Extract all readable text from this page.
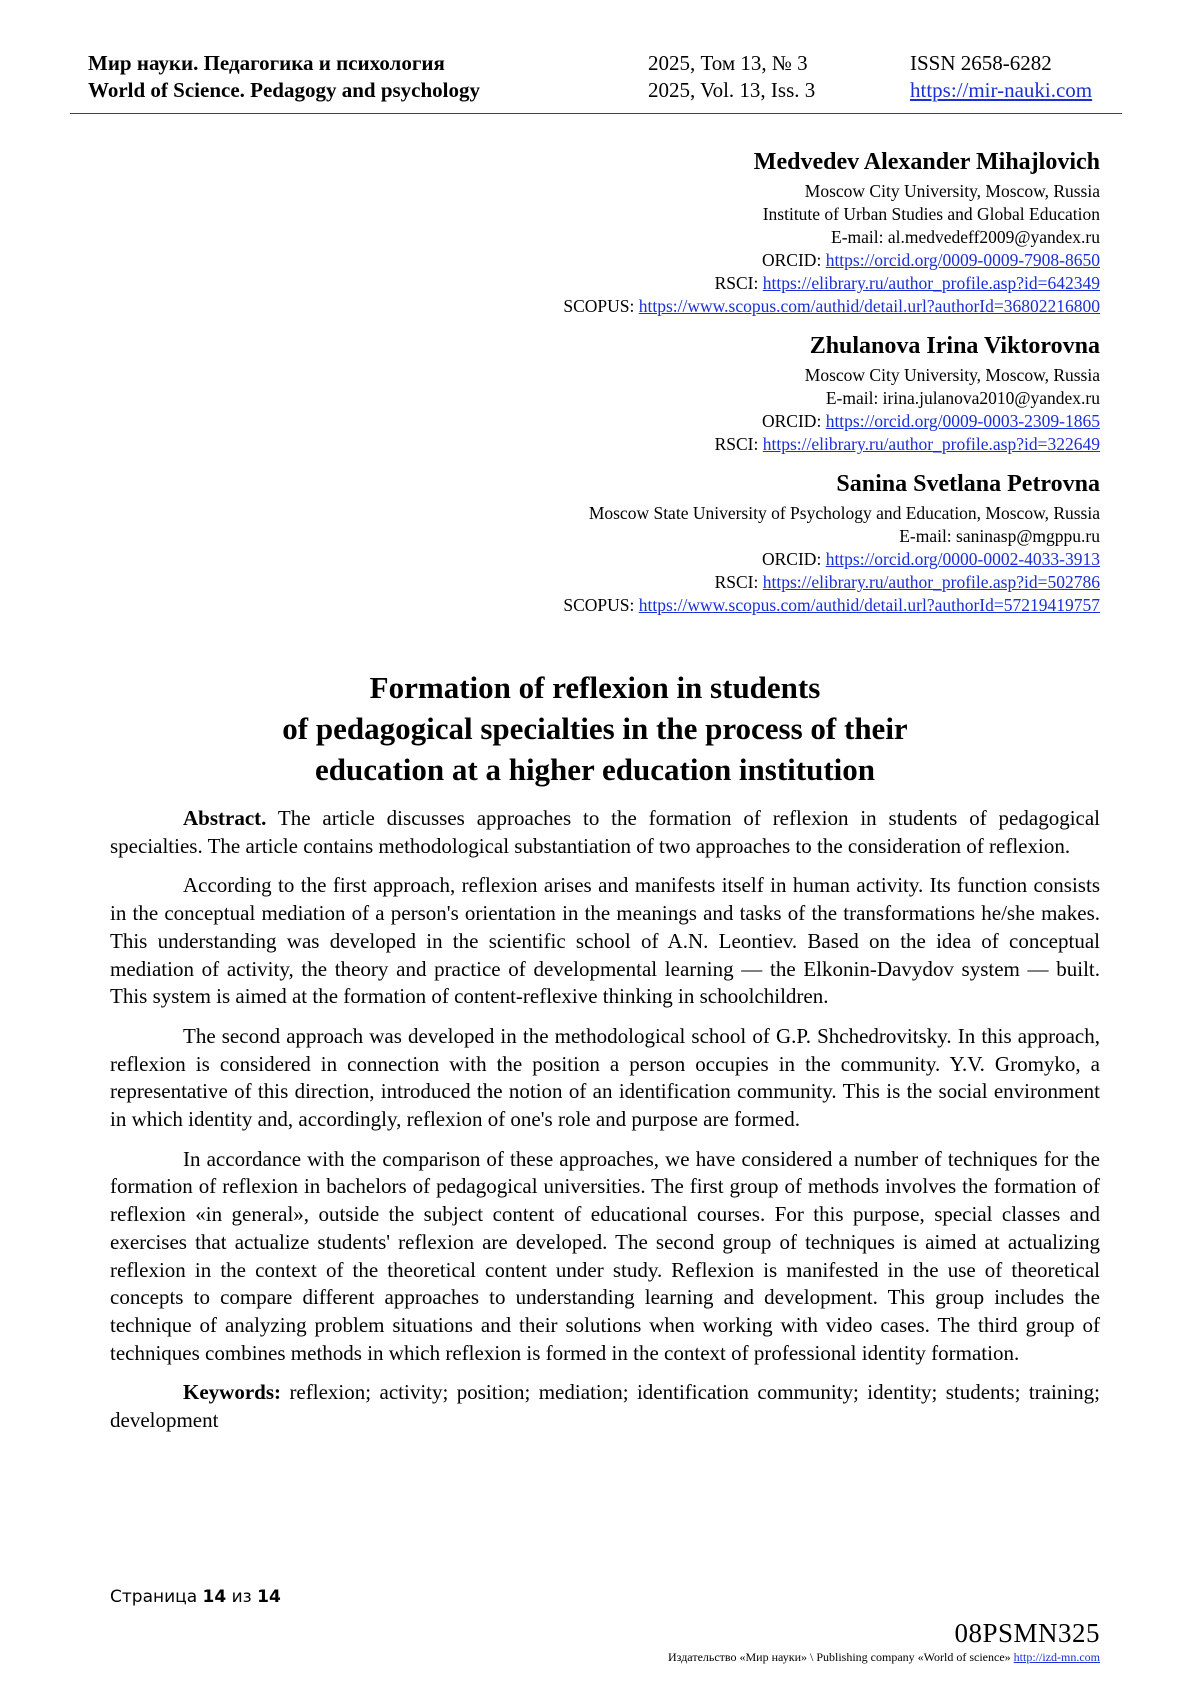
Мир науки. Педагогика и психология
World of Science. Pedagogy and psychology
2025, Том 13, № 3
2025, Vol. 13, Iss. 3
ISSN 2658-6282
https://mir-nauki.com
Medvedev Alexander Mihajlovich
Moscow City University, Moscow, Russia
Institute of Urban Studies and Global Education
E-mail: al.medvedeff2009@yandex.ru
ORCID: https://orcid.org/0009-0009-7908-8650
RSCI: https://elibrary.ru/author_profile.asp?id=642349
SCOPUS: https://www.scopus.com/authid/detail.url?authorId=36802216800
Zhulanova Irina Viktorovna
Moscow City University, Moscow, Russia
E-mail: irina.julanova2010@yandex.ru
ORCID: https://orcid.org/0009-0003-2309-1865
RSCI: https://elibrary.ru/author_profile.asp?id=322649
Sanina Svetlana Petrovna
Moscow State University of Psychology and Education, Moscow, Russia
E-mail: saninasp@mgppu.ru
ORCID: https://orcid.org/0000-0002-4033-3913
RSCI: https://elibrary.ru/author_profile.asp?id=502786
SCOPUS: https://www.scopus.com/authid/detail.url?authorId=57219419757
Formation of reflexion in students
of pedagogical specialties in the process of their
education at a higher education institution

Abstract. The article discusses approaches to the formation of reflexion in students of pedagogical specialties. The article contains methodological substantiation of two approaches to the consideration of reflexion.

According to the first approach, reflexion arises and manifests itself in human activity. Its function consists in the conceptual mediation of a person's orientation in the meanings and tasks of the transformations he/she makes. This understanding was developed in the scientific school of A.N. Leontiev. Based on the idea of conceptual mediation of activity, the theory and practice of developmental learning — the Elkonin-Davydov system — built. This system is aimed at the formation of content-reflexive thinking in schoolchildren.

The second approach was developed in the methodological school of G.P. Shchedrovitsky. In this approach, reflexion is considered in connection with the position a person occupies in the community. Y.V. Gromyko, a representative of this direction, introduced the notion of an identification community. This is the social environment in which identity and, accordingly, reflexion of one's role and purpose are formed.

In accordance with the comparison of these approaches, we have considered a number of techniques for the formation of reflexion in bachelors of pedagogical universities. The first group of methods involves the formation of reflexion «in general», outside the subject content of educational courses. For this purpose, special classes and exercises that actualize students' reflexion are developed. The second group of techniques is aimed at actualizing reflexion in the context of the theoretical content under study. Reflexion is manifested in the use of theoretical concepts to compare different approaches to understanding learning and development. This group includes the technique of analyzing problem situations and their solutions when working with video cases. The third group of techniques combines methods in which reflexion is formed in the context of professional identity formation.

Keywords: reflexion; activity; position; mediation; identification community; identity; students; training; development

Страница 14 из 14
08PSMN325
Издательство «Мир науки» \ Publishing company «World of science» http://izd-mn.com
